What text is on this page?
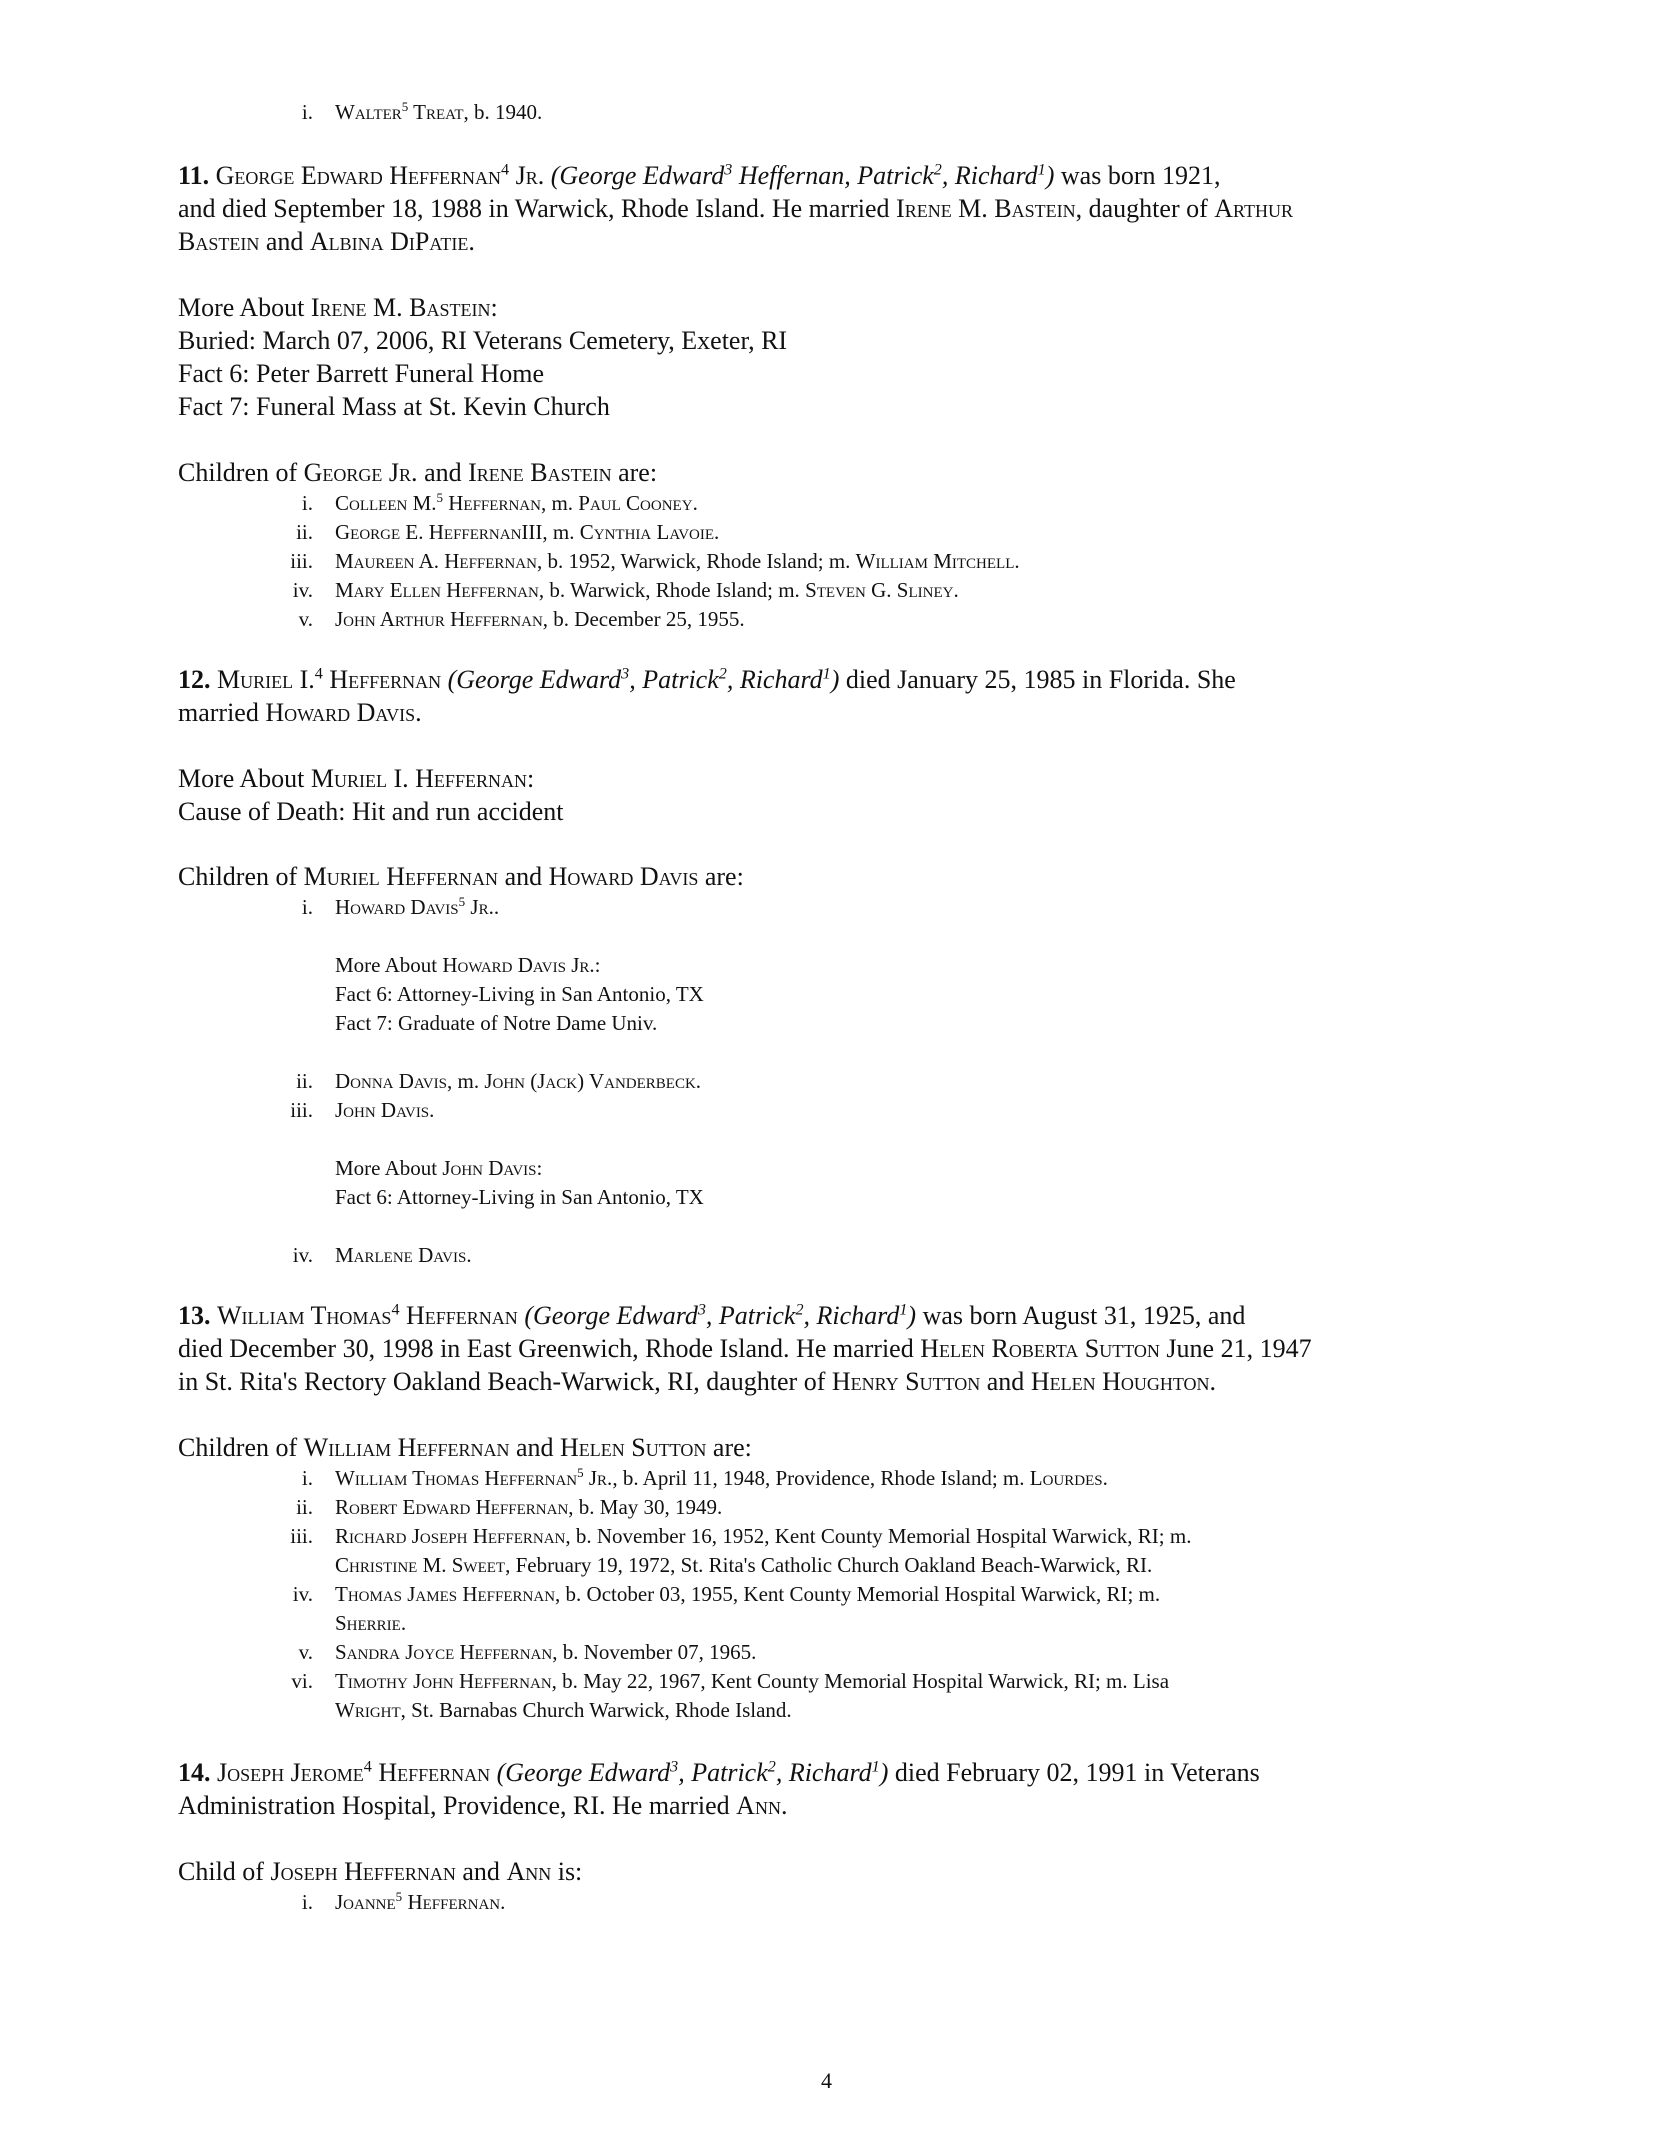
i. Walter$^5$ Treat, b. 1940.
11. George Edward Heffernan$^4$ Jr. (George Edward$^3$ Heffernan, Patrick$^2$, Richard$^1$) was born 1921,
and died September 18, 1988 in Warwick, Rhode Island. He married Irene M. Bastein, daughter of Arthur
Bastein and Albina DiPatie.
More About Irene M. Bastein:
Buried: March 07, 2006, RI Veterans Cemetery, Exeter, RI
Fact 6: Peter Barrett Funeral Home
Fact 7: Funeral Mass at St. Kevin Church
Children of George Jr. and Irene Bastein are:
i. Colleen M.$^5$ Heffernan, m. Paul Cooney.
ii. George E. HeffernanIII, m. Cynthia Lavoie.
iii. Maureen A. Heffernan, b. 1952, Warwick, Rhode Island; m. William Mitchell.
iv. Mary Ellen Heffernan, b. Warwick, Rhode Island; m. Steven G. Sliney.
v. John Arthur Heffernan, b. December 25, 1955.
12. Muriel I.$^4$ Heffernan (George Edward$^3$, Patrick$^2$, Richard$^1$) died January 25, 1985 in Florida. She
married Howard Davis.
More About Muriel I. Heffernan:
Cause of Death: Hit and run accident
Children of Muriel Heffernan and Howard Davis are:
i. Howard Davis$^5$ Jr..
More About Howard Davis Jr.:
Fact 6: Attorney-Living in San Antonio, TX
Fact 7: Graduate of Notre Dame Univ.
ii. Donna Davis, m. John (Jack) Vanderbeck.
iii. John Davis.
More About John Davis:
Fact 6: Attorney-Living in San Antonio, TX
iv. Marlene Davis.
13. William Thomas$^4$ Heffernan (George Edward$^3$, Patrick$^2$, Richard$^1$) was born August 31, 1925, and
died December 30, 1998 in East Greenwich, Rhode Island. He married Helen Roberta Sutton June 21, 1947
in St. Rita's Rectory Oakland Beach-Warwick, RI, daughter of Henry Sutton and Helen Houghton.
Children of William Heffernan and Helen Sutton are:
i. William Thomas Heffernan$^5$ Jr., b. April 11, 1948, Providence, Rhode Island; m. Lourdes.
ii. Robert Edward Heffernan, b. May 30, 1949.
iii. Richard Joseph Heffernan, b. November 16, 1952, Kent County Memorial Hospital Warwick, RI; m.
Christine M. Sweet, February 19, 1972, St. Rita's Catholic Church Oakland Beach-Warwick, RI.
iv. Thomas James Heffernan, b. October 03, 1955, Kent County Memorial Hospital Warwick, RI; m.
Sherrie.
v. Sandra Joyce Heffernan, b. November 07, 1965.
vi. Timothy John Heffernan, b. May 22, 1967, Kent County Memorial Hospital Warwick, RI; m. Lisa
Wright, St. Barnabas Church Warwick, Rhode Island.
14. Joseph Jerome$^4$ Heffernan (George Edward$^3$, Patrick$^2$, Richard$^1$) died February 02, 1991 in Veterans
Administration Hospital, Providence, RI. He married Ann.
Child of Joseph Heffernan and Ann is:
i. Joanne$^5$ Heffernan.
4
